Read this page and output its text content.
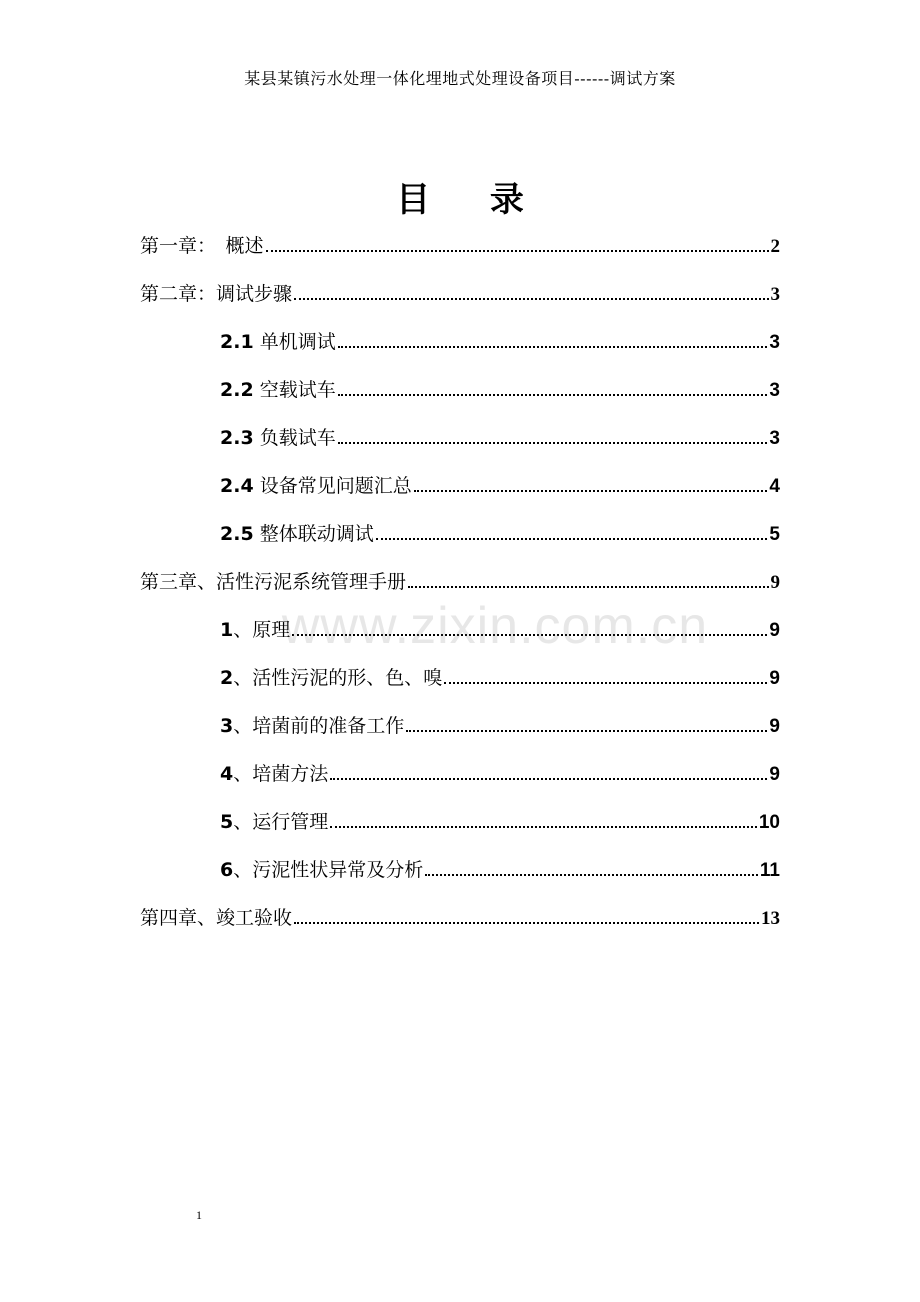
某县某镇污水处理一体化埋地式处理设备项目------调试方案
目 录
第一章：　概述	2
第二章：调试步骤	3
2.1 单机调试	3
2.2 空载试车	3
2.3 负载试车	3
2.4 设备常见问题汇总	4
2.5 整体联动调试	5
第三章、活性污泥系统管理手册	9
1、原理	9
2、活性污泥的形、色、嗅	9
3、培菌前的准备工作	9
4、培菌方法	9
5、运行管理	10
6、污泥性状异常及分析	11
第四章、竣工验收	13
www.zixin.com.cn
1
